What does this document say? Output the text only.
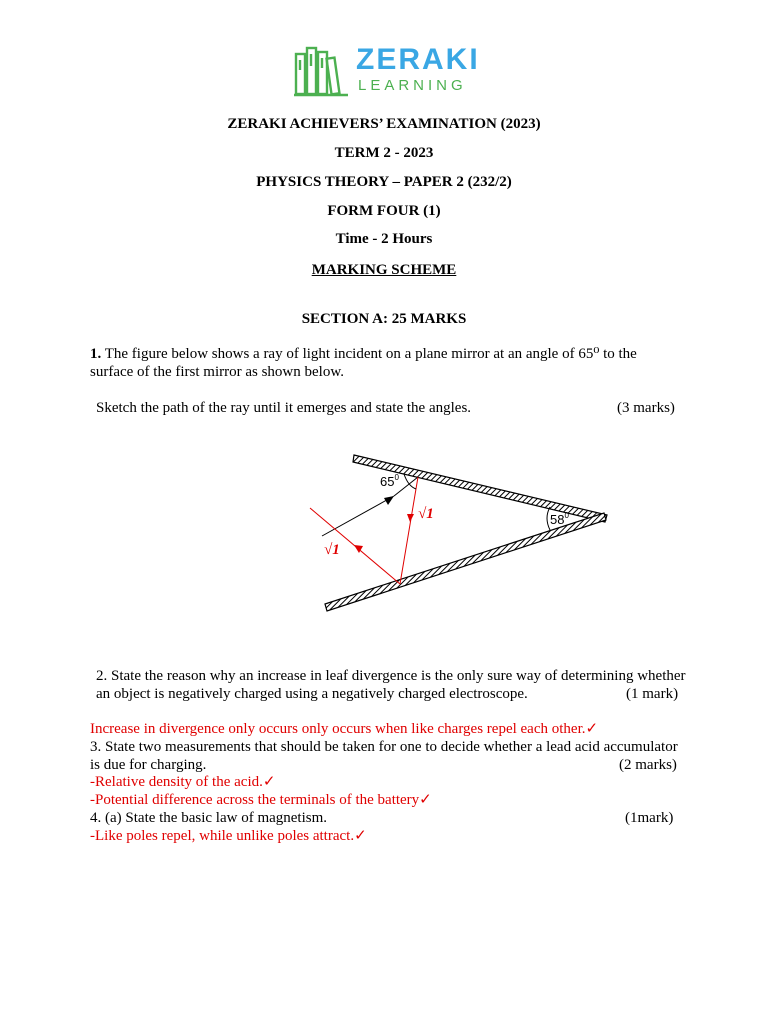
ZERAKI
LEARNING
ZERAKI ACHIEVERS’ EXAMINATION (2023)
TERM 2 - 2023
PHYSICS THEORY – PAPER 2 (232/2)
FORM FOUR (1)
Time - 2 Hours
MARKING SCHEME
SECTION A: 25 MARKS
1. The figure below shows a ray of light incident on a plane mirror at an angle of 65⁰ to the
surface of the first mirror as shown below.
Sketch the path of the ray until it emerges and state the angles.	(3 marks)
$65^0$
$58^0$
√1
√1
2. State the reason why an increase in leaf divergence is the only sure way of determining whether
an object is negatively charged using a negatively charged electroscope.	(1 mark)
Increase in divergence only occurs only occurs when like charges repel each other.✓
3. State two measurements that should be taken for one to decide whether a lead acid accumulator
is due for charging.	(2 marks)
-Relative density of the acid.✓
-Potential difference across the terminals of the battery✓
4. (a) State the basic law of magnetism.	(1mark)
-Like poles repel, while unlike poles attract.✓
